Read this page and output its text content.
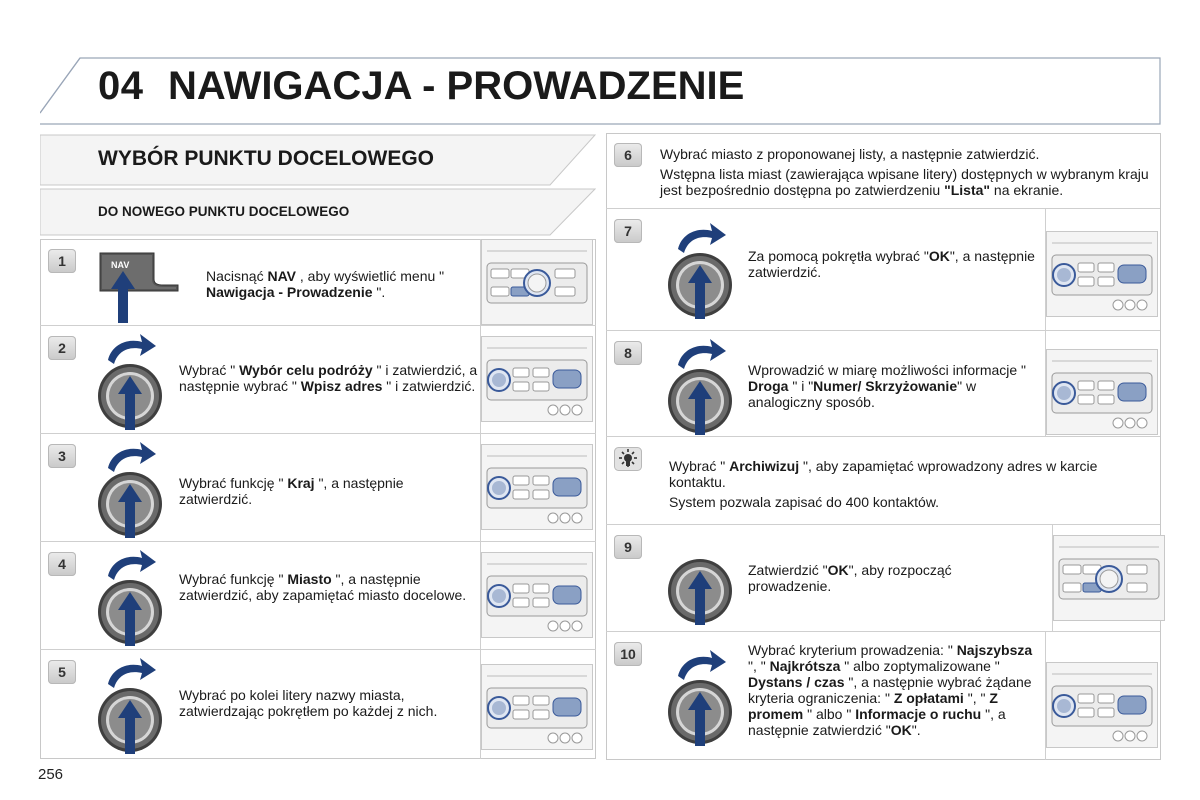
04 NAWIGACJA - PROWADZENIE
WYBÓR PUNKTU DOCELOWEGO
DO NOWEGO PUNKTU DOCELOWEGO
1	NAV

Nacisnąć NAV , aby wyświetlić menu " Nawigacja - Prowadzenie ".

2

Wybrać " Wybór celu podróży " i zatwierdzić, a następnie wybrać " Wpisz adres " i zatwierdzić.

3

Wybrać funkcję " Kraj ", a następnie zatwierdzić.

4

Wybrać funkcję " Miasto ", a następnie zatwierdzić, aby zapamiętać miasto docelowe.

5

Wybrać po kolei litery nazwy miasta, zatwierdzając pokrętłem po każdej z nich.

6	Wybrać miasto z proponowanej listy, a następnie zatwierdzić.

Wstępna lista miast (zawierająca wpisane litery) dostępnych w wybranym kraju jest bezpośrednio dostępna po zatwierdzeniu "Lista" na ekranie.

7

Za pomocą pokrętła wybrać "OK", a następnie zatwierdzić.

8

Wprowadzić w miarę możliwości informacje " Droga " i "Numer/ Skrzyżowanie" w analogiczny sposób.

Wybrać " Archiwizuj ", aby zapamiętać wprowadzony adres w karcie kontaktu.

System pozwala zapisać do 400 kontaktów.

9

Zatwierdzić "OK", aby rozpocząć prowadzenie.

10	Wybrać kryterium prowadzenia: " Najszybsza ", " Najkrótsza " albo zoptymalizowane " Dystans / czas ", a następnie wybrać żądane kryteria ograniczenia: " Z opłatami ", " Z promem " albo " Informacje o ruchu ", a następnie zatwierdzić "OK".

256
